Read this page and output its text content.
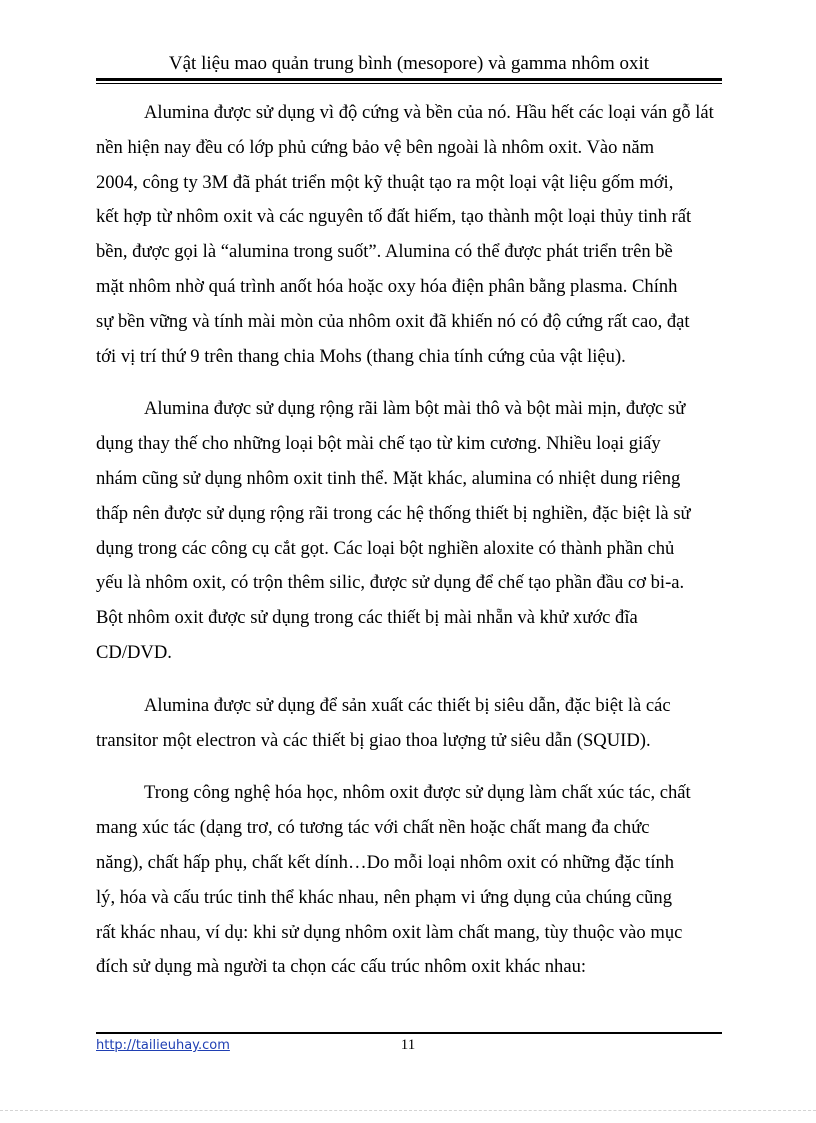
Vật liệu mao quản trung bình (mesopore) và gamma nhôm oxit

Alumina được sử dụng vì độ cứng và bền của nó. Hầu hết các loại ván gỗ lát
nền hiện nay đều có lớp phủ cứng bảo vệ bên ngoài là nhôm oxit. Vào năm
2004, công ty 3M đã phát triển một kỹ thuật tạo ra một loại vật liệu gốm mới,
kết hợp từ nhôm oxit và các nguyên tố đất hiếm, tạo thành một loại thủy tinh rất
bền, được gọi là “alumina trong suốt”. Alumina có thể được phát triển trên bề
mặt nhôm nhờ quá trình anốt hóa hoặc oxy hóa điện phân bằng plasma. Chính
sự bền vững và tính mài mòn của nhôm oxit đã khiến nó có độ cứng rất cao, đạt
tới vị trí thứ 9 trên thang chia Mohs (thang chia tính cứng của vật liệu).

Alumina được sử dụng rộng rãi làm bột mài thô và bột mài mịn, được sử
dụng thay thế cho những loại bột mài chế tạo từ kim cương. Nhiều loại giấy
nhám cũng sử dụng nhôm oxit tinh thể. Mặt khác, alumina có nhiệt dung riêng
thấp nên được sử dụng rộng rãi trong các hệ thống thiết bị nghiền, đặc biệt là sử
dụng trong các công cụ cắt gọt. Các loại bột nghiền aloxite có thành phần chủ
yếu là nhôm oxit, có trộn thêm silic, được sử dụng để chế tạo phần đầu cơ bi-a.
Bột nhôm oxit được sử dụng trong các thiết bị mài nhẵn và khử xước đĩa
CD/DVD.

Alumina được sử dụng để sản xuất các thiết bị siêu dẫn, đặc biệt là các
transitor một electron và các thiết bị giao thoa lượng tử siêu dẫn (SQUID).

Trong công nghệ hóa học, nhôm oxit được sử dụng làm chất xúc tác, chất
mang xúc tác (dạng trơ, có tương tác với chất nền hoặc chất mang đa chức
năng), chất hấp phụ, chất kết dính…Do mỗi loại nhôm oxit có những đặc tính
lý, hóa và cấu trúc tinh thể khác nhau, nên phạm vi ứng dụng của chúng cũng
rất khác nhau, ví dụ: khi sử dụng nhôm oxit làm chất mang, tùy thuộc vào mục
đích sử dụng mà người ta chọn các cấu trúc nhôm oxit khác nhau:

http://tailieuhay.com	11
